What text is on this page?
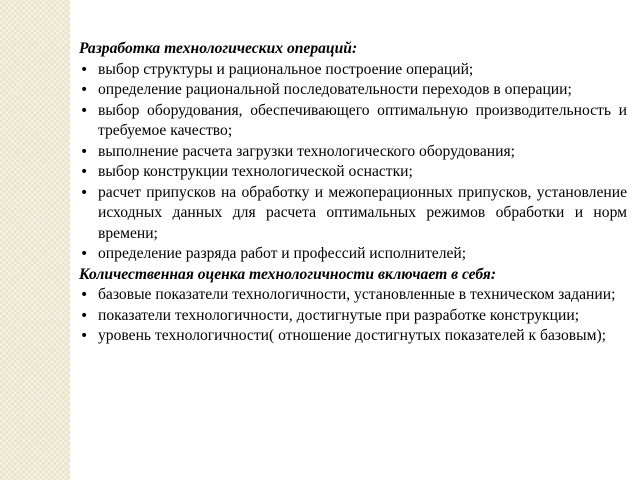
Разработка технологических операций:

• выбор структуры и рациональное построение операций;
• определение рациональной последовательности переходов в операции;
• выбор оборудования, обеспечивающего оптимальную производительность и требуемое качество;
• выполнение расчета загрузки технологического оборудования;
• выбор конструкции технологической оснастки;
• расчет припусков на обработку и межоперационных припусков, установление исходных данных для расчета оптимальных режимов обработки и норм времени;
• определение разряда работ и профессий исполнителей;

Количественная оценка технологичности включает в себя:

• базовые показатели технологичности, установленные в техническом задании;
• показатели технологичности, достигнутые при разработке конструкции;
• уровень технологичности( отношение достигнутых показателей к базовым);
